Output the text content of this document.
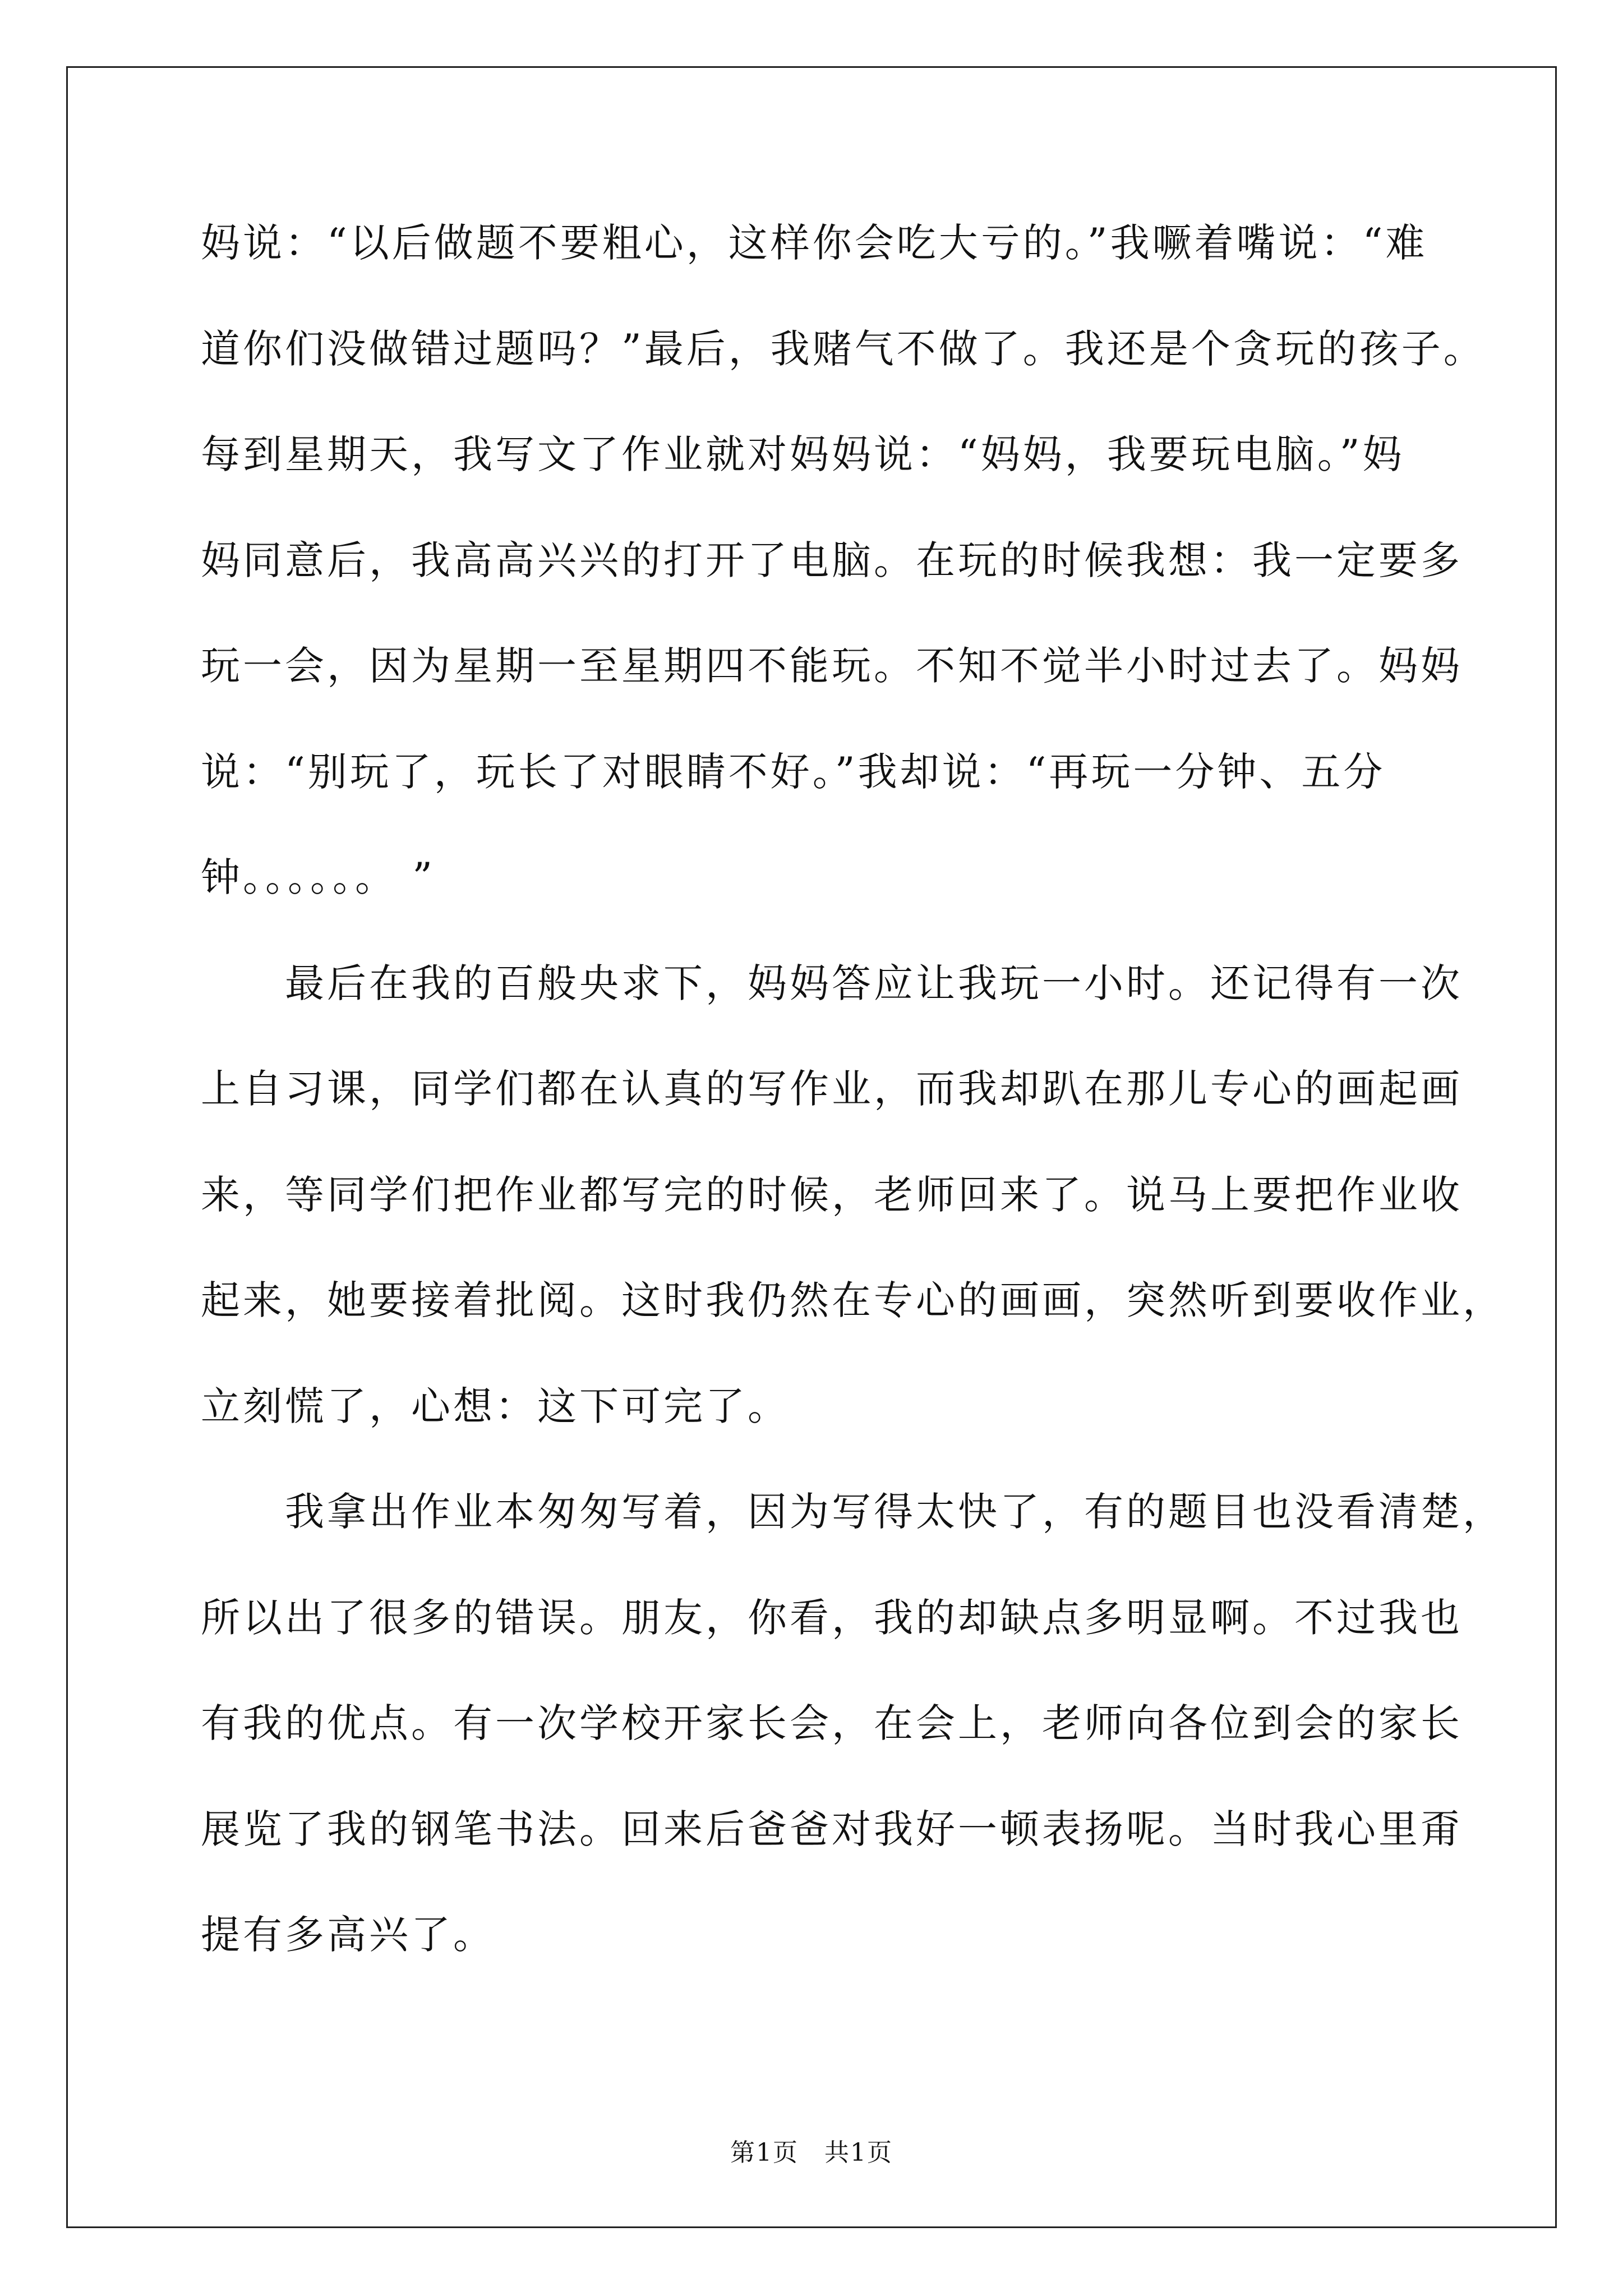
妈说：“以后做题不要粗心，这样你会吃大亏的。”我噘着嘴说：“难
道你们没做错过题吗？”最后，我赌气不做了。我还是个贪玩的孩子。
每到星期天，我写文了作业就对妈妈说：“妈妈，我要玩电脑。”妈
妈同意后，我高高兴兴的打开了电脑。在玩的时候我想：我一定要多
玩一会，因为星期一至星期四不能玩。不知不觉半小时过去了。妈妈
说：“别玩了，玩长了对眼睛不好。”我却说：“再玩一分钟、五分
钟。。。。。。 ”
最后在我的百般央求下，妈妈答应让我玩一小时。还记得有一次
上自习课，同学们都在认真的写作业，而我却趴在那儿专心的画起画
来，等同学们把作业都写完的时候，老师回来了。说马上要把作业收
起来，她要接着批阅。这时我仍然在专心的画画，突然听到要收作业，
立刻慌了，心想：这下可完了。
我拿出作业本匆匆写着，因为写得太快了，有的题目也没看清楚，
所以出了很多的错误。朋友，你看，我的却缺点多明显啊。不过我也
有我的优点。有一次学校开家长会，在会上，老师向各位到会的家长
展览了我的钢笔书法。回来后爸爸对我好一顿表扬呢。当时我心里甭
提有多高兴了。
第1页　共1页
